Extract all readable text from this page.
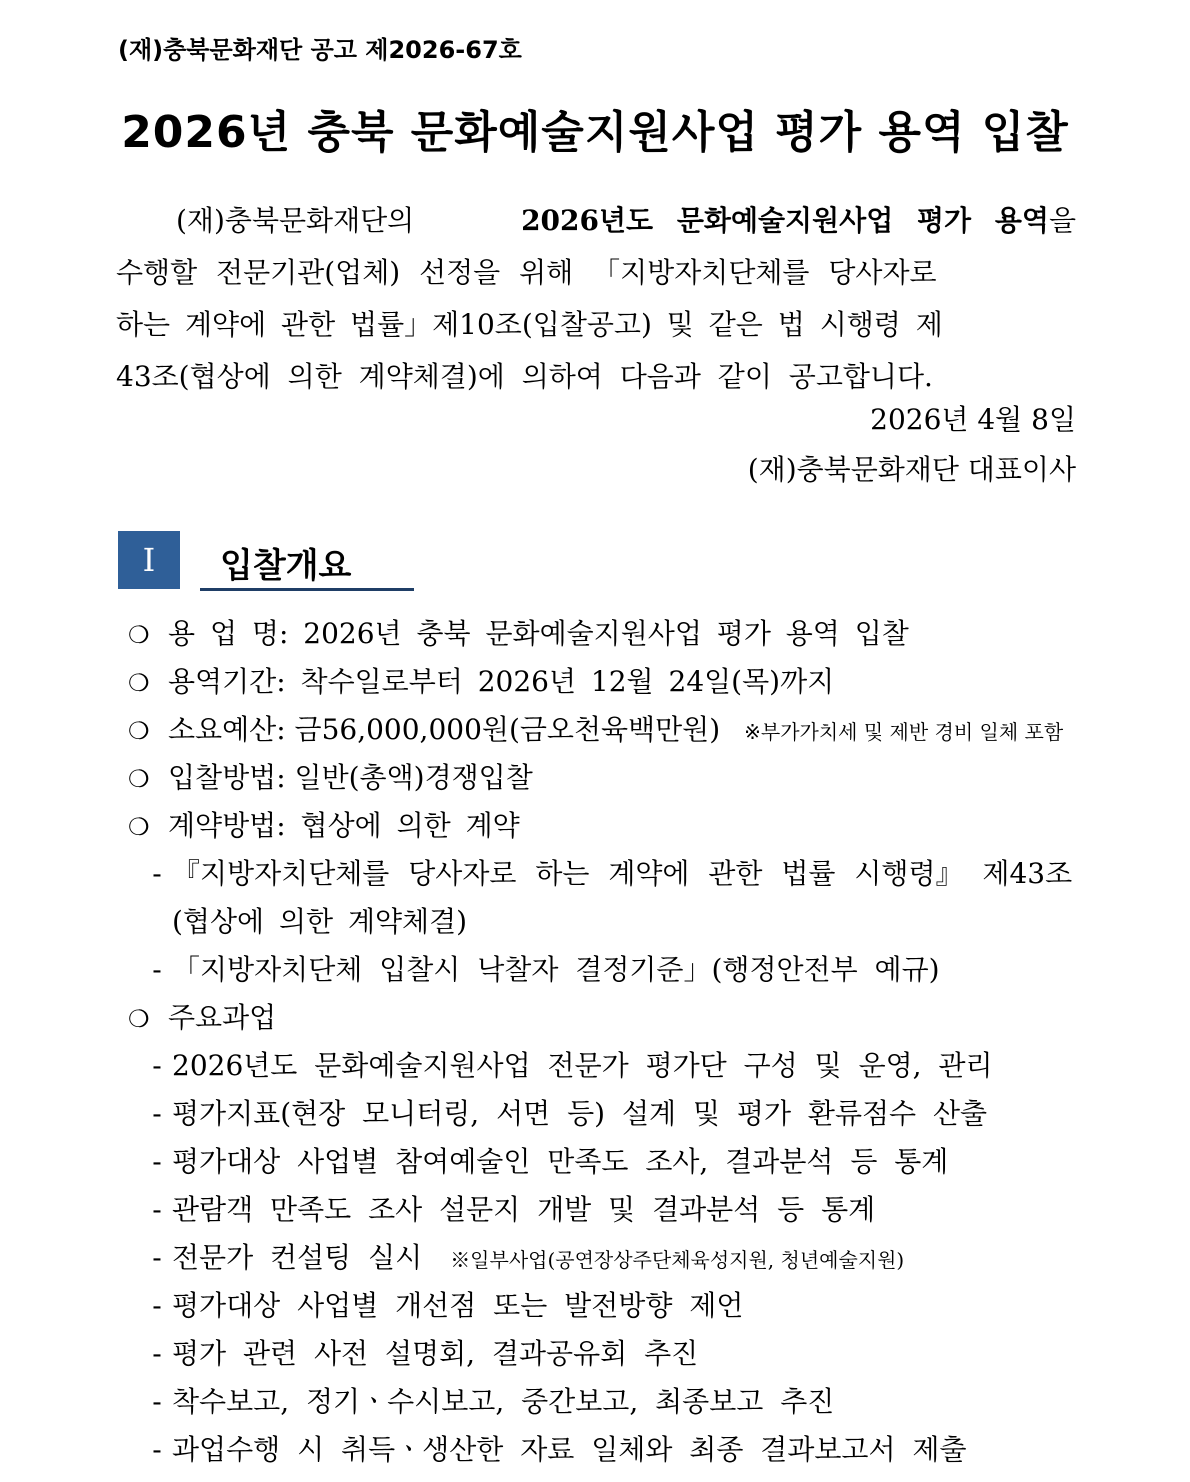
(재)충북문화재단 공고 제2026-67호
2026년 충북 문화예술지원사업 평가 용역 입찰
(재)충북문화재단의	2026년도 문화예술지원사업 평가 용역을
수행할 전문기관(업체) 선정을 위해 「지방자치단체를 당사자로
하는 계약에 관한 법률」제10조(입찰공고) 및 같은 법 시행령 제
43조(협상에 의한 계약체결)에 의하여 다음과 같이 공고합니다.
2026년 4월 8일
(재)충북문화재단 대표이사
I	입찰개요
❍ 용 업 명: 2026년 충북 문화예술지원사업 평가 용역 입찰
❍ 용역기간: 착수일로부터 2026년 12월 24일(목)까지
❍ 소요예산: 금56,000,000원(금오천육백만원) ※부가가치세 및 제반 경비 일체 포함
❍ 입찰방법: 일반(총액)경쟁입찰
❍ 계약방법: 협상에 의한 계약
- 『지방자치단체를 당사자로 하는 계약에 관한 법률 시행령』 제43조
(협상에 의한 계약체결)
- 「지방자치단체 입찰시 낙찰자 결정기준」(행정안전부 예규)
❍ 주요과업
- 2026년도 문화예술지원사업 전문가 평가단 구성 및 운영, 관리
- 평가지표(현장 모니터링, 서면 등) 설계 및 평가 환류점수 산출
- 평가대상 사업별 참여예술인 만족도 조사, 결과분석 등 통계
- 관람객 만족도 조사 설문지 개발 및 결과분석 등 통계
- 전문가 컨설팅 실시 ※일부사업(공연장상주단체육성지원, 청년예술지원)
- 평가대상 사업별 개선점 또는 발전방향 제언
- 평가 관련 사전 설명회, 결과공유회 추진
- 착수보고, 정기ㆍ수시보고, 중간보고, 최종보고 추진
- 과업수행 시 취득ㆍ생산한 자료 일체와 최종 결과보고서 제출
